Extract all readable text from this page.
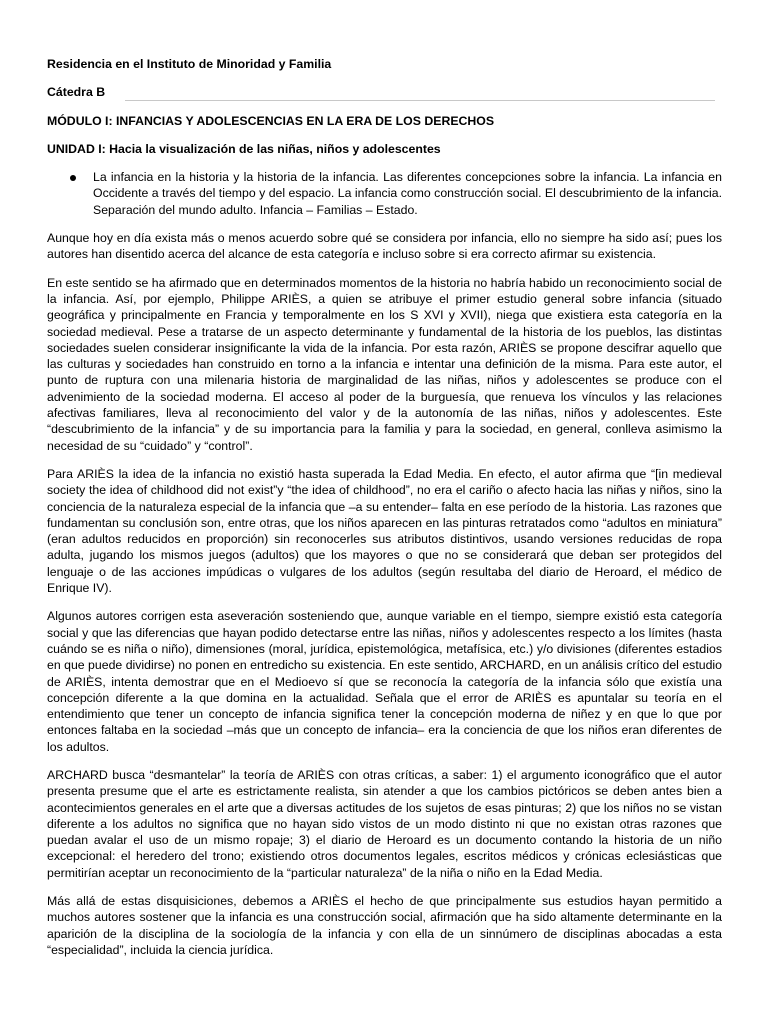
Residencia en el Instituto de Minoridad y Familia
Cátedra B
MÓDULO I: INFANCIAS Y ADOLESCENCIAS EN LA ERA DE LOS DERECHOS
UNIDAD I: Hacia la visualización de las niñas, niños y adolescentes
La infancia en la historia y la historia de la infancia. Las diferentes concepciones sobre la infancia. La infancia en Occidente a través del tiempo y del espacio. La infancia como construcción social. El descubrimiento de la infancia. Separación del mundo adulto. Infancia – Familias – Estado.

Aunque hoy en día exista más o menos acuerdo sobre qué se considera por infancia, ello no siempre ha sido así; pues los autores han disentido acerca del alcance de esta categoría e incluso sobre si era correcto afirmar su existencia.

En este sentido se ha afirmado que en determinados momentos de la historia no habría habido un reconocimiento social de la infancia. Así, por ejemplo, Philippe ARIÈS, a quien se atribuye el primer estudio general sobre infancia (situado geográfica y principalmente en Francia y temporalmente en los S XVI y XVII), niega que existiera esta categoría en la sociedad medieval. Pese a tratarse de un aspecto determinante y fundamental de la historia de los pueblos, las distintas sociedades suelen considerar insignificante la vida de la infancia. Por esta razón, ARIÈS se propone descifrar aquello que las culturas y sociedades han construido en torno a la infancia e intentar una definición de la misma. Para este autor, el punto de ruptura con una milenaria historia de marginalidad de las niñas, niños y adolescentes se produce con el advenimiento de la sociedad moderna. El acceso al poder de la burguesía, que renueva los vínculos y las relaciones afectivas familiares, lleva al reconocimiento del valor y de la autonomía de las niñas, niños y adolescentes. Este “descubrimiento de la infancia” y de su importancia para la familia y para la sociedad, en general, conlleva asimismo la necesidad de su “cuidado” y “control”.

Para ARIÈS la idea de la infancia no existió hasta superada la Edad Media. En efecto, el autor afirma que “[in medieval society the idea of childhood did not exist”y “the idea of childhood”, no era el cariño o afecto hacia las niñas y niños, sino la conciencia de la naturaleza especial de la infancia que –a su entender– falta en ese período de la historia. Las razones que fundamentan su conclusión son, entre otras, que los niños aparecen en las pinturas retratados como “adultos en miniatura” (eran adultos reducidos en proporción) sin reconocerles sus atributos distintivos, usando versiones reducidas de ropa adulta, jugando los mismos juegos (adultos) que los mayores o que no se considerará que deban ser protegidos del lenguaje o de las acciones impúdicas o vulgares de los adultos (según resultaba del diario de Heroard, el médico de Enrique IV).

Algunos autores corrigen esta aseveración sosteniendo que, aunque variable en el tiempo, siempre existió esta categoría social y que las diferencias que hayan podido detectarse entre las niñas, niños y adolescentes respecto a los límites (hasta cuándo se es niña o niño), dimensiones (moral, jurídica, epistemológica, metafísica, etc.) y/o divisiones (diferentes estadios en que puede dividirse) no ponen en entredicho su existencia. En este sentido, ARCHARD, en un análisis crítico del estudio de ARIÈS, intenta demostrar que en el Medioevo sí que se reconocía la categoría de la infancia sólo que existía una concepción diferente a la que domina en la actualidad. Señala que el error de ARIÈS es apuntalar su teoría en el entendimiento que tener un concepto de infancia significa tener la concepción moderna de niñez y en que lo que por entonces faltaba en la sociedad –más que un concepto de infancia– era la conciencia de que los niños eran diferentes de los adultos.

ARCHARD busca “desmantelar” la teoría de ARIÈS con otras críticas, a saber: 1) el argumento iconográfico que el autor presenta presume que el arte es estrictamente realista, sin atender a que los cambios pictóricos se deben antes bien a acontecimientos generales en el arte que a diversas actitudes de los sujetos de esas pinturas; 2) que los niños no se vistan diferente a los adultos no significa que no hayan sido vistos de un modo distinto ni que no existan otras razones que puedan avalar el uso de un mismo ropaje; 3) el diario de Heroard es un documento contando la historia de un niño excepcional: el heredero del trono; existiendo otros documentos legales, escritos médicos y crónicas eclesiásticas que permitirían aceptar un reconocimiento de la “particular naturaleza” de la niña o niño en la Edad Media.

Más allá de estas disquisiciones, debemos a ARIÈS el hecho de que principalmente sus estudios hayan permitido a muchos autores sostener que la infancia es una construcción social, afirmación que ha sido altamente determinante en la aparición de la disciplina de la sociología de la infancia y con ella de un sinnúmero de disciplinas abocadas a esta “especialidad”, incluida la ciencia jurídica.
